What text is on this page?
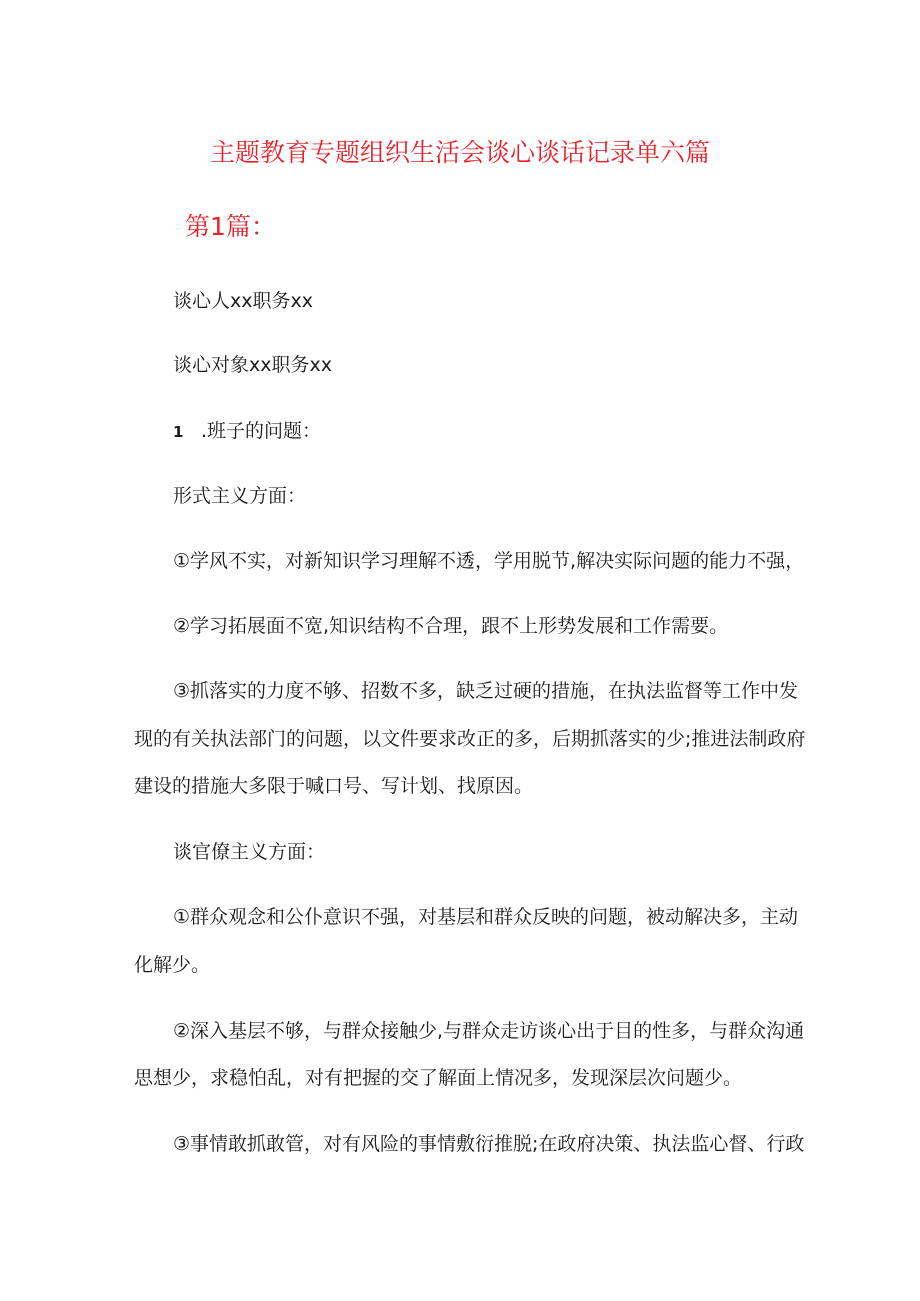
主题教育专题组织生活会谈心谈话记录单六篇
第1篇：
谈心人xx职务xx
谈心对象xx职务xx
1 .班子的问题：
形式主义方面：
①学风不实，对新知识学习理解不透，学用脱节,解决实际问题的能力不强，
②学习拓展面不宽,知识结构不合理，跟不上形势发展和工作需要。
③抓落实的力度不够、招数不多，缺乏过硬的措施，在执法监督等工作中发
现的有关执法部门的问题，以文件要求改正的多，后期抓落实的少;推进法制政府
建设的措施大多限于喊口号、写计划、找原因。
谈官僚主义方面：
①群众观念和公仆意识不强，对基层和群众反映的问题，被动解决多，主动
化解少。
②深入基层不够，与群众接触少,与群众走访谈心出于目的性多，与群众沟通
思想少，求稳怕乱，对有把握的交了解面上情况多，发现深层次问题少。
③事情敢抓敢管，对有风险的事情敷衍推脱;在政府决策、执法监心督、行政
